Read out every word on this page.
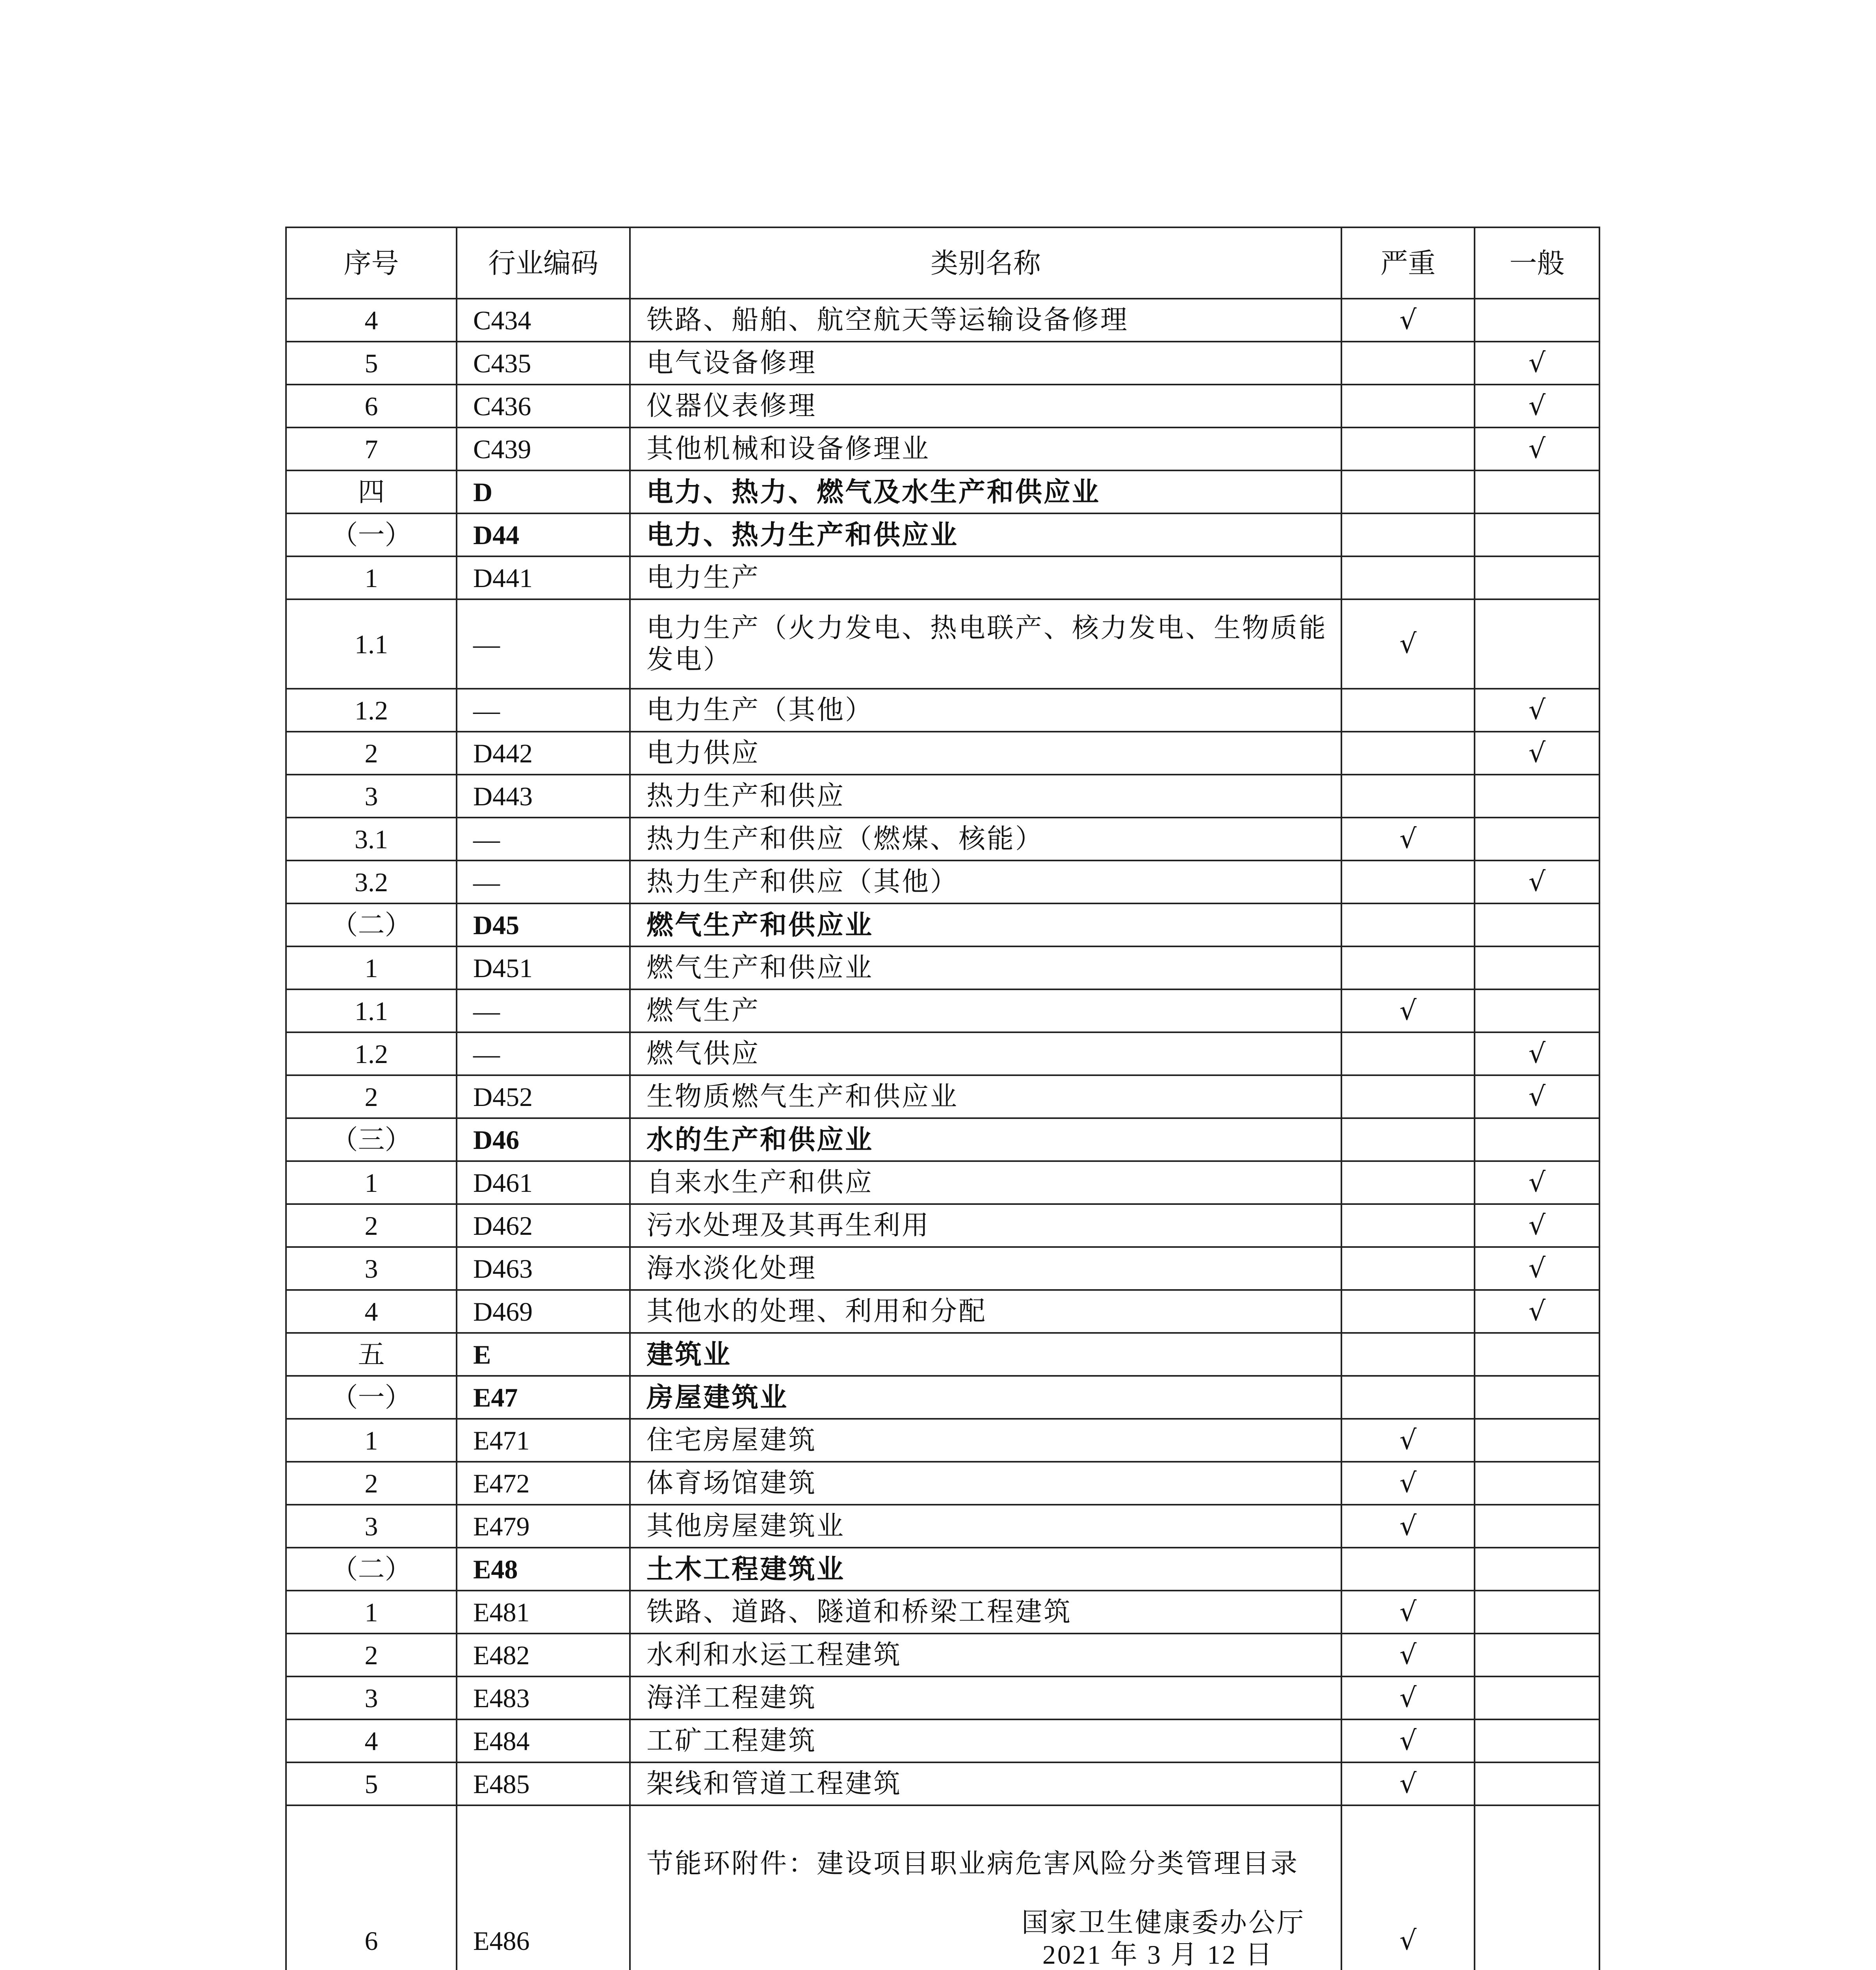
序号	行业编码	类别名称	严重	一般
4	C434	铁路、船舶、航空航天等运输设备修理	√	
5	C435	电气设备修理		√
6	C436	仪器仪表修理		√
7	C439	其他机械和设备修理业		√
四	D	电力、热力、燃气及水生产和供应业		
（一）	D44	电力、热力生产和供应业		
1	D441	电力生产		
1.1	—	电力生产（火力发电、热电联产、核力发电、生物质能发电）	√	
1.2	—	电力生产（其他）		√
2	D442	电力供应		√
3	D443	热力生产和供应		
3.1	—	热力生产和供应（燃煤、核能）	√	
3.2	—	热力生产和供应（其他）		√
（二）	D45	燃气生产和供应业		
1	D451	燃气生产和供应业		
1.1	—	燃气生产	√	
1.2	—	燃气供应		√
2	D452	生物质燃气生产和供应业		√
（三）	D46	水的生产和供应业		
1	D461	自来水生产和供应		√
2	D462	污水处理及其再生利用		√
3	D463	海水淡化处理		√
4	D469	其他水的处理、利用和分配		√
五	E	建筑业		
（一）	E47	房屋建筑业		
1	E471	住宅房屋建筑	√	
2	E472	体育场馆建筑	√	
3	E479	其他房屋建筑业	√	
（二）	E48	土木工程建筑业		
1	E481	铁路、道路、隧道和桥梁工程建筑	√	
2	E482	水利和水运工程建筑	√	
3	E483	海洋工程建筑	√	
4	E484	工矿工程建筑	√	
5	E485	架线和管道工程建筑	√	
6	E486	节能环附件：建设项目职业病危害风险分类管理目录
国家卫生健康委办公厅
2021 年 3 月 12 日	√	
